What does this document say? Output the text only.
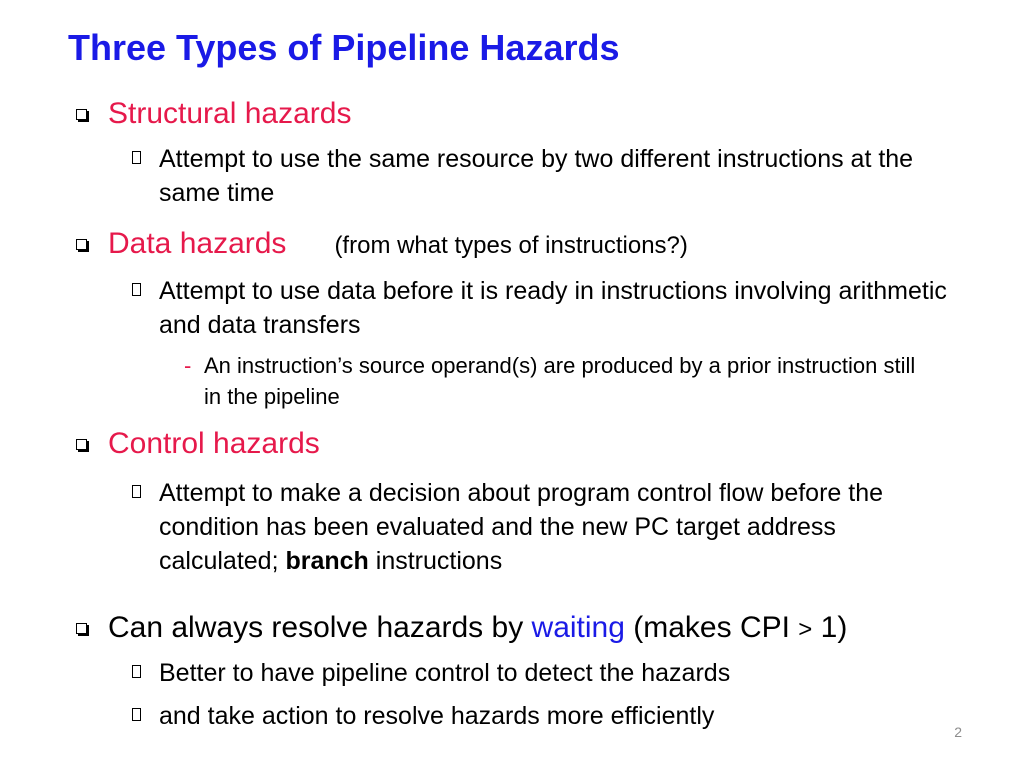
Three Types of Pipeline Hazards
Structural hazards
Attempt to use the same resource by two different instructions at the same time
Data hazards (from what types of instructions?)
Attempt to use data before it is ready in instructions involving arithmetic and data transfers
- An instruction’s source operand(s) are produced by a prior instruction still in the pipeline
Control hazards
Attempt to make a decision about program control flow before the condition has been evaluated and the new PC target address calculated; branch instructions
Can always resolve hazards by waiting (makes CPI > 1)
Better to have pipeline control to detect the hazards
and take action to resolve hazards more efficiently
2
